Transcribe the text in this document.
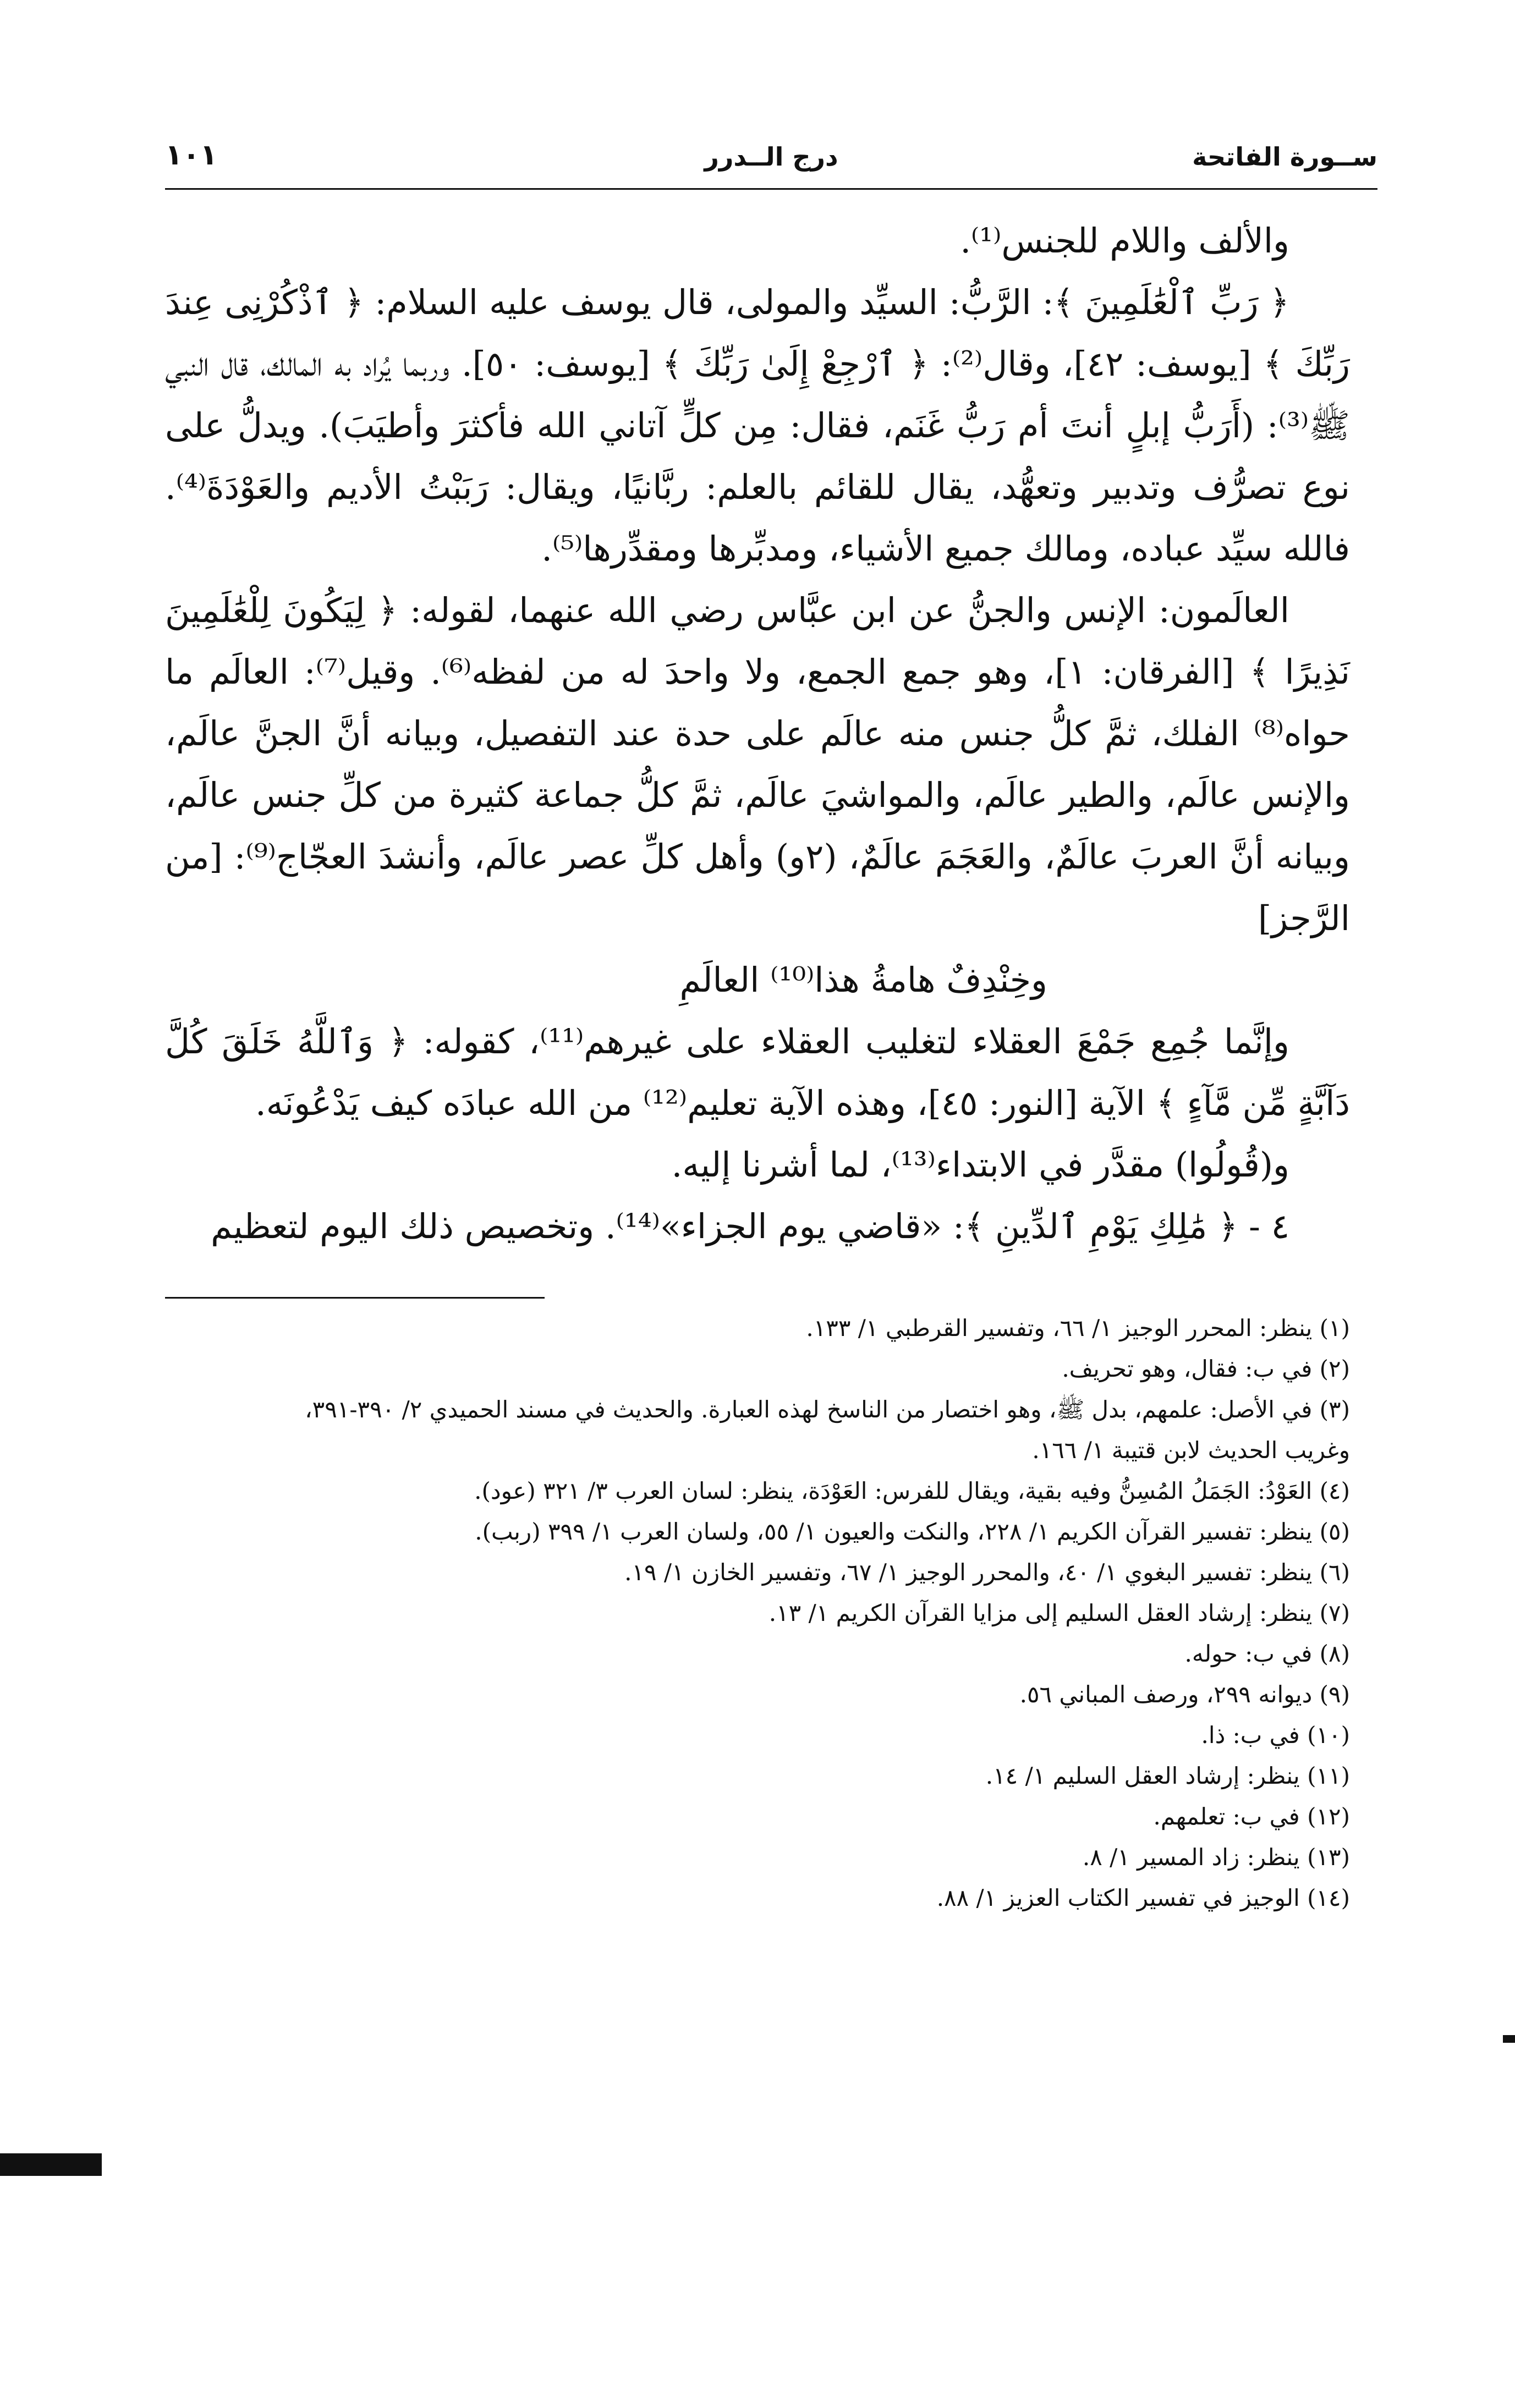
ســورة الفاتحة
درج الــدرر
١٠١

والألف واللام للجنس⁽¹⁾.

﴿ رَبِّ ٱلْعَٰلَمِينَ ﴾: الرَّبُّ: السيِّد والمولى، قال يوسف عليه السلام: ﴿ ٱذْكُرْنِى عِندَ رَبِّكَ ﴾ [يوسف: ٤٢]، وقال⁽²⁾: ﴿ ٱرْجِعْ إِلَىٰ رَبِّكَ ﴾ [يوسف: ٥٠]. وربما يُراد به المالك، قال النبي ﷺ⁽³⁾: (أَرَبُّ إبلٍ أنتَ أم رَبُّ غَنَم، فقال: مِن كلٍّ آتاني الله فأكثرَ وأطيَبَ). ويدلُّ على نوع تصرُّف وتدبير وتعهُّد، يقال للقائم بالعلم: ربَّانيًا، ويقال: رَبَبْتُ الأديم والعَوْدَةَ⁽⁴⁾. فالله سيِّد عباده، ومالك جميع الأشياء، ومدبِّرها ومقدِّرها⁽⁵⁾.

العالَمون: الإنس والجنُّ عن ابن عبَّاس رضي الله عنهما، لقوله: ﴿ لِيَكُونَ لِلْعَٰلَمِينَ نَذِيرًا ﴾ [الفرقان: ١]، وهو جمع الجمع، ولا واحدَ له من لفظه⁽⁶⁾. وقيل⁽⁷⁾: العالَم ما حواه⁽⁸⁾ الفلك، ثمَّ كلُّ جنس منه عالَم على حدة عند التفصيل، وبيانه أنَّ الجنَّ عالَم، والإنس عالَم، والطير عالَم، والمواشيَ عالَم، ثمَّ كلُّ جماعة كثيرة من كلِّ جنس عالَم، وبيانه أنَّ العربَ عالَمٌ، والعَجَمَ عالَمٌ، (٢و) وأهل كلِّ عصر عالَم، وأنشدَ العجّاج⁽⁹⁾: [من الرَّجز]

وخِنْدِفٌ هامةُ هذا⁽¹⁰⁾ العالَمِ

وإنَّما جُمِع جَمْعَ العقلاء لتغليب العقلاء على غيرهم⁽¹¹⁾، كقوله: ﴿ وَٱللَّهُ خَلَقَ كُلَّ دَآبَّةٍ مِّن مَّآءٍ ﴾ الآية [النور: ٤٥]، وهذه الآية تعليم⁽¹²⁾ من الله عبادَه كيف يَدْعُونَه.

و(قُولُوا) مقدَّر في الابتداء⁽¹³⁾، لما أشرنا إليه.

٤ - ﴿ مَٰلِكِ يَوْمِ ٱلدِّينِ ﴾: «قاضي يوم الجزاء»⁽¹⁴⁾. وتخصيص ذلك اليوم لتعظيم

(١) ينظر: المحرر الوجيز ١/ ٦٦، وتفسير القرطبي ١/ ١٣٣.

(٢) في ب: فقال، وهو تحريف.

(٣) في الأصل: علمهم، بدل ﷺ، وهو اختصار من الناسخ لهذه العبارة. والحديث في مسند الحميدي ٢/ ٣٩٠-٣٩١،

وغريب الحديث لابن قتيبة ١/ ١٦٦.

(٤) العَوْدُ: الجَمَلُ المُسِنُّ وفيه بقية، ويقال للفرس: العَوْدَة، ينظر: لسان العرب ٣/ ٣٢١ (عود).

(٥) ينظر: تفسير القرآن الكريم ١/ ٢٢٨، والنكت والعيون ١/ ٥٥، ولسان العرب ١/ ٣٩٩ (ربب).

(٦) ينظر: تفسير البغوي ١/ ٤٠، والمحرر الوجيز ١/ ٦٧، وتفسير الخازن ١/ ١٩.

(٧) ينظر: إرشاد العقل السليم إلى مزايا القرآن الكريم ١/ ١٣.

(٨) في ب: حوله.

(٩) ديوانه ٢٩٩، ورصف المباني ٥٦.

(١٠) في ب: ذا.

(١١) ينظر: إرشاد العقل السليم ١/ ١٤.

(١٢) في ب: تعلمهم.

(١٣) ينظر: زاد المسير ١/ ٨.

(١٤) الوجيز في تفسير الكتاب العزيز ١/ ٨٨.
